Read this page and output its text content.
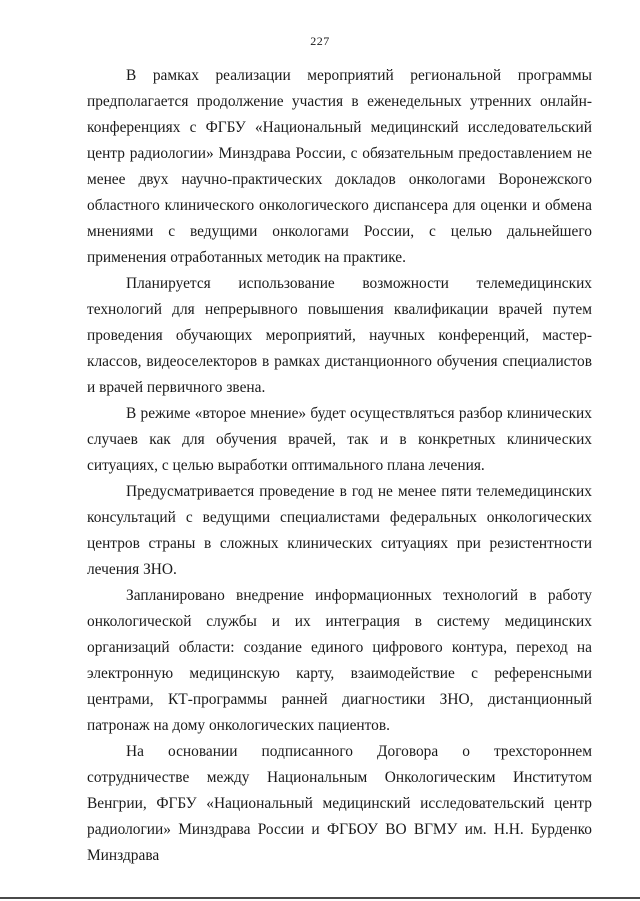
227

В рамках реализации мероприятий региональной программы предполагается продолжение участия в еженедельных утренних онлайн-конференциях с ФГБУ «Национальный медицинский исследовательский центр радиологии» Минздрава России, с обязательным предоставлением не менее двух научно-практических докладов онкологами Воронежского областного клинического онкологического диспансера для оценки и обмена мнениями с ведущими онкологами России, с целью дальнейшего применения отработанных методик на практике.

Планируется использование возможности телемедицинских технологий для непрерывного повышения квалификации врачей путем проведения обучающих мероприятий, научных конференций, мастер-классов, видеоселекторов в рамках дистанционного обучения специалистов и врачей первичного звена.

В режиме «второе мнение» будет осуществляться разбор клинических случаев как для обучения врачей, так и в конкретных клинических ситуациях, с целью выработки оптимального плана лечения.

Предусматривается проведение в год не менее пяти телемедицинских консультаций с ведущими специалистами федеральных онкологических центров страны в сложных клинических ситуациях при резистентности лечения ЗНО.

Запланировано внедрение информационных технологий в работу онкологической службы и их интеграция в систему медицинских организаций области: создание единого цифрового контура, переход на электронную медицинскую карту, взаимодействие с референсными центрами, КТ-программы ранней диагностики ЗНО, дистанционный патронаж на дому онкологических пациентов.

На основании подписанного Договора о трехстороннем сотрудничестве между Национальным Онкологическим Институтом Венгрии, ФГБУ «Национальный медицинский исследовательский центр радиологии» Минздрава России и ФГБОУ ВО ВГМУ им. Н.Н. Бурденко Минздрава
